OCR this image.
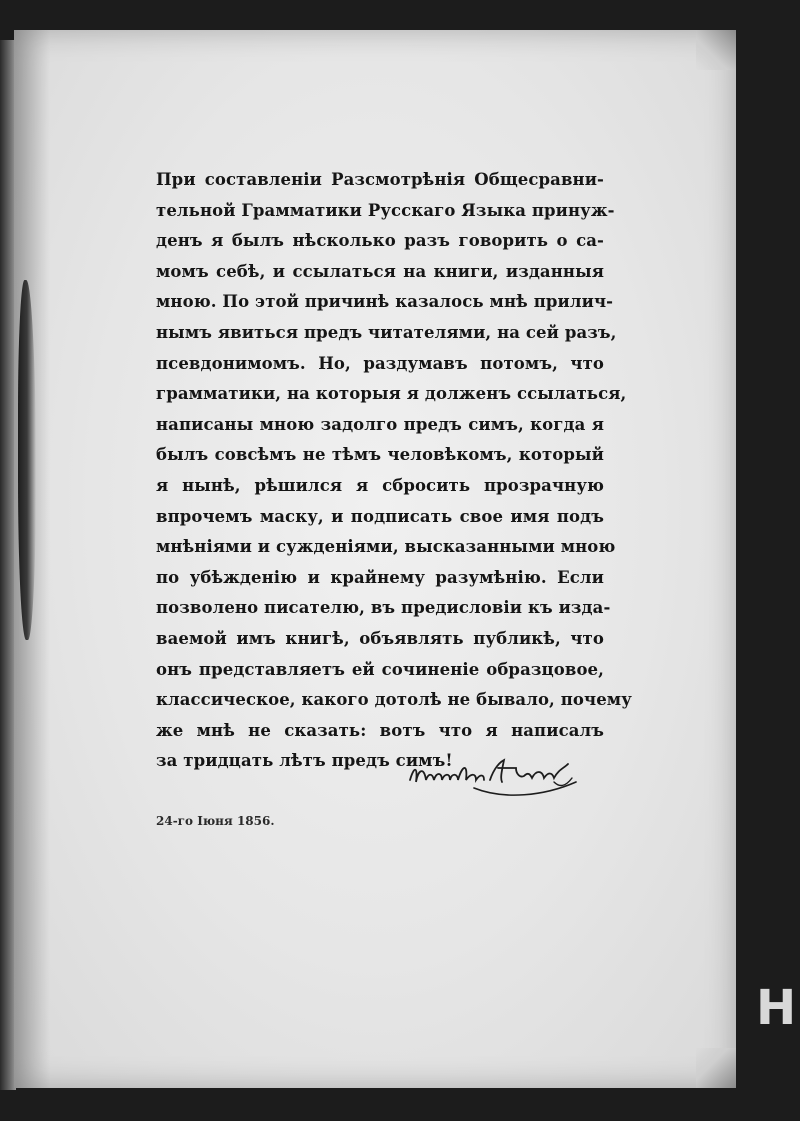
При составленіи Разсмотрѣнія Общесравни-
тельной Грамматики Русскаго Языка принуж-
денъ я былъ нѣсколько разъ говорить о са-
момъ себѣ, и ссылаться на книги, изданныя
мною. По этой причинѣ казалось мнѣ прилич-
нымъ явиться предъ читателями, на сей разъ,
псевдонимомъ. Но, раздумавъ потомъ, что
грамматики, на которыя я долженъ ссылаться,
написаны мною задолго предъ симъ, когда я
былъ совсѣмъ не тѣмъ человѣкомъ, который
я нынѣ, рѣшился я сбросить прозрачную
впрочемъ маску, и подписать свое имя подъ
мнѣніями и сужденіями, высказанными мною
по убѣжденію и крайнему разумѣнію. Если
позволено писателю, въ предисловіи къ изда-
ваемой имъ книгѣ, объявлять публикѣ, что
онъ представляетъ ей сочиненіе образцовое,
классическое, какого дотолѣ не бывало, почему
же мнѣ не сказать: вотъ что я написалъ
за тридцать лѣтъ предъ симъ!
24-го Іюня 1856.
H
